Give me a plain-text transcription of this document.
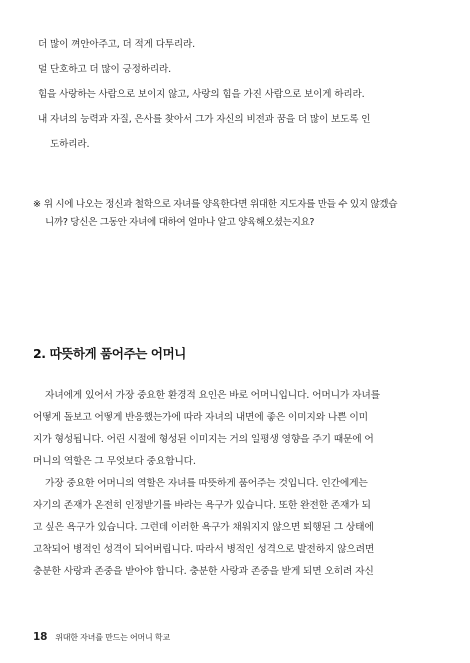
더 많이 껴안아주고, 더 적게 다투리라.

덜 단호하고 더 많이 긍정하리라.

힘을 사랑하는 사람으로 보이지 않고, 사랑의 힘을 가진 사람으로 보이게 하리라.

내 자녀의 능력과 자질, 은사를 찾아서 그가 자신의 비전과 꿈을 더 많이 보도록 인

도하리라.

※ 위 시에 나오는 정신과 철학으로 자녀를 양육한다면 위대한 지도자를 만들 수 있지 않겠습
니까? 당신은 그동안 자녀에 대하여 얼마나 알고 양육해오셨는지요?
2. 따뜻하게 품어주는 어머니
자녀에게 있어서 가장 중요한 환경적 요인은 바로 어머니입니다. 어머니가 자녀를
어떻게 돌보고 어떻게 반응했는가에 따라 자녀의 내면에 좋은 이미지와 나쁜 이미
지가 형성됩니다. 어린 시절에 형성된 이미지는 거의 일평생 영향을 주기 때문에 어
머니의 역할은 그 무엇보다 중요합니다.
가장 중요한 어머니의 역할은 자녀를 따뜻하게 품어주는 것입니다. 인간에게는
자기의 존재가 온전히 인정받기를 바라는 욕구가 있습니다. 또한 완전한 존재가 되
고 싶은 욕구가 있습니다. 그런데 이러한 욕구가 채워지지 않으면 퇴행된 그 상태에
고착되어 병적인 성격이 되어버립니다. 따라서 병적인 성격으로 발전하지 않으려면
충분한 사랑과 존중을 받아야 합니다. 충분한 사랑과 존중을 받게 되면 오히려 자신
18 위대한 자녀를 만드는 어머니 학교
